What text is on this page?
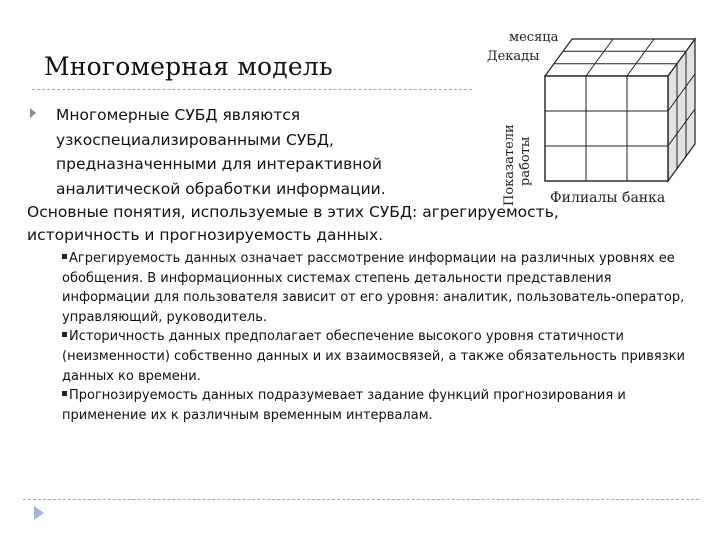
Многомерная модель
Многомерные СУБД являются узкоспециализированными СУБД, предназначенными для интерактивной аналитической обработки информации.
Основные понятия, используемые в этих СУБД: агрегируемость, историчность и прогнозируемость данных.
Агрегируемость данных означает рассмотрение информации на различных уровнях ее обобщения. В информационных системах степень детальности представления информации для пользователя зависит от его уровня: аналитик, пользователь-оператор, управляющий, руководитель.
Историчность данных предполагает обеспечение высокого уровня статичности (неизменности) собственно данных и их взаимосвязей, а также обязательность привязки данных ко времени.
Прогнозируемость данных подразумевает задание функций прогнозирования и применение их к различным временным интервалам.
месяца
Декады
Показатели работы
Филиалы банка
